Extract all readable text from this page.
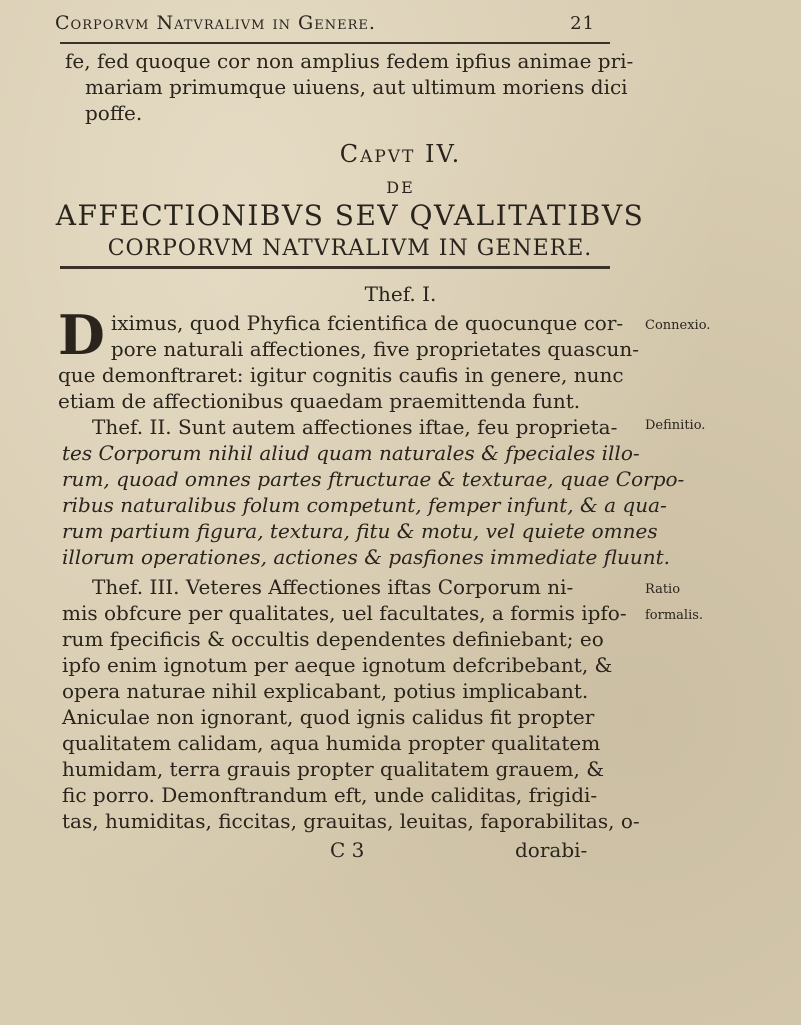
Corporvm Natvralivm in Genere.	21
fe, fed quoque cor non amplius fedem ipfius animae pri-
mariam primumque uiuens, aut ultimum moriens dici
poffe.
Capvt IV.
DE
AFFECTIONIBVS SEV QVALITATIBVS
CORPORVM NATVRALIVM IN GENERE.
Thef. I.
D iximus, quod Phyfica fcientifica de quocunque cor-
pore naturali affectiones, five proprietates quascun-
que demonftraret: igitur cognitis caufis in genere, nunc
etiam de affectionibus quaedam praemittenda funt.
Connexio.
Thef. II. Sunt autem affectiones iftae, feu proprieta-
tes Corporum nihil aliud quam naturales & fpeciales illo-
rum, quoad omnes partes ftructurae & texturae, quae Corpo-
ribus naturalibus folum competunt, femper infunt, & a qua-
rum partium figura, textura, fitu & motu, vel quiete omnes
illorum operationes, actiones & pasfiones immediate fluunt.
Definitio.
Thef. III. Veteres Affectiones iftas Corporum ni-
mis obfcure per qualitates, uel facultates, a formis ipfo-
rum fpecificis & occultis dependentes definiebant; eo
ipfo enim ignotum per aeque ignotum defcribebant, &
opera naturae nihil explicabant, potius implicabant.
Aniculae non ignorant, quod ignis calidus fit propter
qualitatem calidam, aqua humida propter qualitatem
humidam, terra grauis propter qualitatem grauem, &
fic porro. Demonftrandum eft, unde caliditas, frigidi-
tas, humiditas, ficcitas, grauitas, leuitas, faporabilitas, o-
Ratio
formalis.
C 3	dorabi-
